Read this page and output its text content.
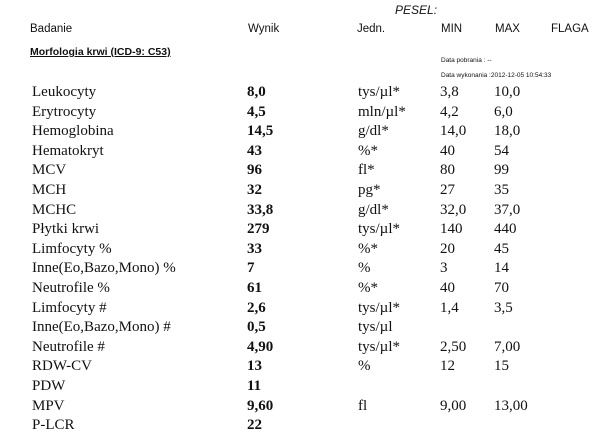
PESEL:
Badanie	Wynik	Jedn.	MIN	MAX	FLAGA
Morfologia krwi (ICD-9: C53)
Data pobrania : --
Data wykonania :2012-12-05 10:54:33
Leukocyty	8,0	tys/µl*	3,8 10,0
Erytrocyty	4,5	mln/µl* 4,2 6,0
Hemoglobina	14,5	g/dl*	14,0 18,0
Hematokryt	43	%*	40	54
MCV	96	fl*	80	99
MCH	32	pg*	27	35
MCHC	33,8	g/dl*	32,0 37,0
Płytki krwi	279	tys/µl*	140 440
Limfocyty %	33	%*	20	45
Inne(Eo,Bazo,Mono) %	7	%	3	14
Neutrofile %	61	%*	40	70
Limfocyty #	2,6	tys/µl*	1,4 3,5
Inne(Eo,Bazo,Mono) #	0,5	tys/µl
Neutrofile #	4,90	tys/µl*	2,50 7,00
RDW-CV	13	%	12	15
PDW	11
MPV	9,60	fl	9,00 13,00
P-LCR	22
